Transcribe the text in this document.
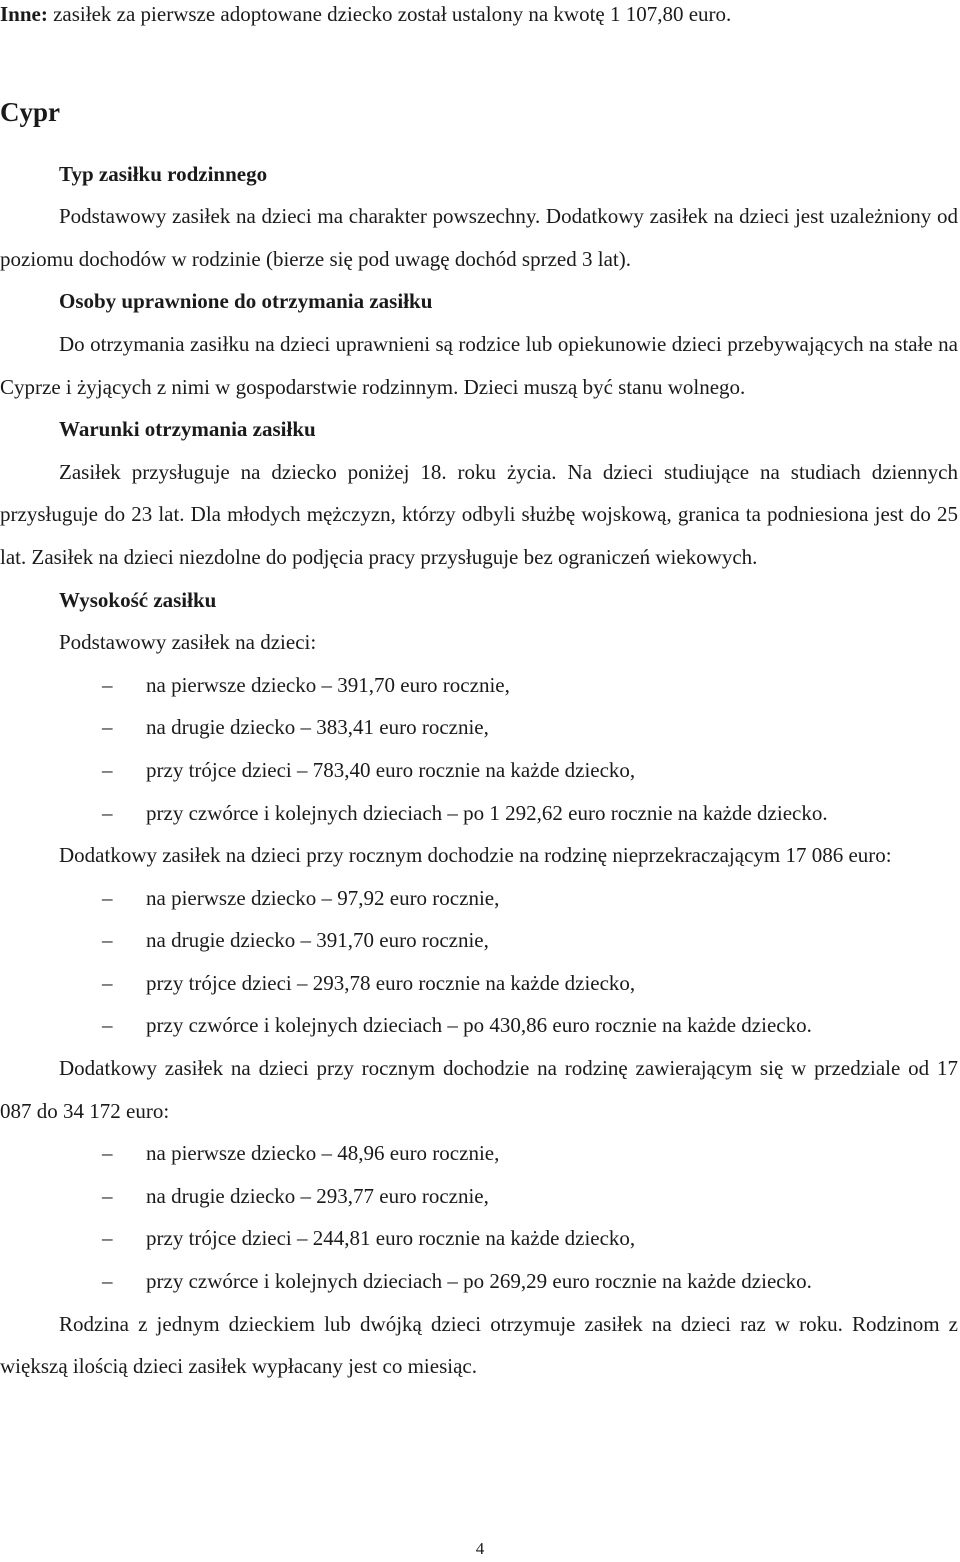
Inne: zasiłek za pierwsze adoptowane dziecko został ustalony na kwotę 1 107,80 euro.

Cypr
Typ zasiłku rodzinnego

Podstawowy zasiłek na dzieci ma charakter powszechny. Dodatkowy zasiłek na dzieci jest uzależniony od poziomu dochodów w rodzinie (bierze się pod uwagę dochód sprzed 3 lat).

Osoby uprawnione do otrzymania zasiłku

Do otrzymania zasiłku na dzieci uprawnieni są rodzice lub opiekunowie dzieci przebywających na stałe na Cyprze i żyjących z nimi w gospodarstwie rodzinnym. Dzieci muszą być stanu wolnego.

Warunki otrzymania zasiłku

Zasiłek przysługuje na dziecko poniżej 18. roku życia. Na dzieci studiujące na studiach dziennych przysługuje do 23 lat. Dla młodych mężczyzn, którzy odbyli służbę wojskową, granica ta podniesiona jest do 25 lat. Zasiłek na dzieci niezdolne do podjęcia pracy przysługuje bez ograniczeń wiekowych.

Wysokość zasiłku

Podstawowy zasiłek na dzieci:

– na pierwsze dziecko – 391,70 euro rocznie,
– na drugie dziecko – 383,41 euro rocznie,
– przy trójce dzieci – 783,40 euro rocznie na każde dziecko,
– przy czwórce i kolejnych dzieciach – po 1 292,62 euro rocznie na każde dziecko.

Dodatkowy zasiłek na dzieci przy rocznym dochodzie na rodzinę nieprzekraczającym 17 086 euro:

– na pierwsze dziecko – 97,92 euro rocznie,
– na drugie dziecko – 391,70 euro rocznie,
– przy trójce dzieci – 293,78 euro rocznie na każde dziecko,
– przy czwórce i kolejnych dzieciach – po 430,86 euro rocznie na każde dziecko.

Dodatkowy zasiłek na dzieci przy rocznym dochodzie na rodzinę zawierającym się w przedziale od 17 087 do 34 172 euro:

– na pierwsze dziecko – 48,96 euro rocznie,
– na drugie dziecko – 293,77 euro rocznie,
– przy trójce dzieci – 244,81 euro rocznie na każde dziecko,
– przy czwórce i kolejnych dzieciach – po 269,29 euro rocznie na każde dziecko.

Rodzina z jednym dzieckiem lub dwójką dzieci otrzymuje zasiłek na dzieci raz w roku. Rodzinom z większą ilością dzieci zasiłek wypłacany jest co miesiąc.

4
